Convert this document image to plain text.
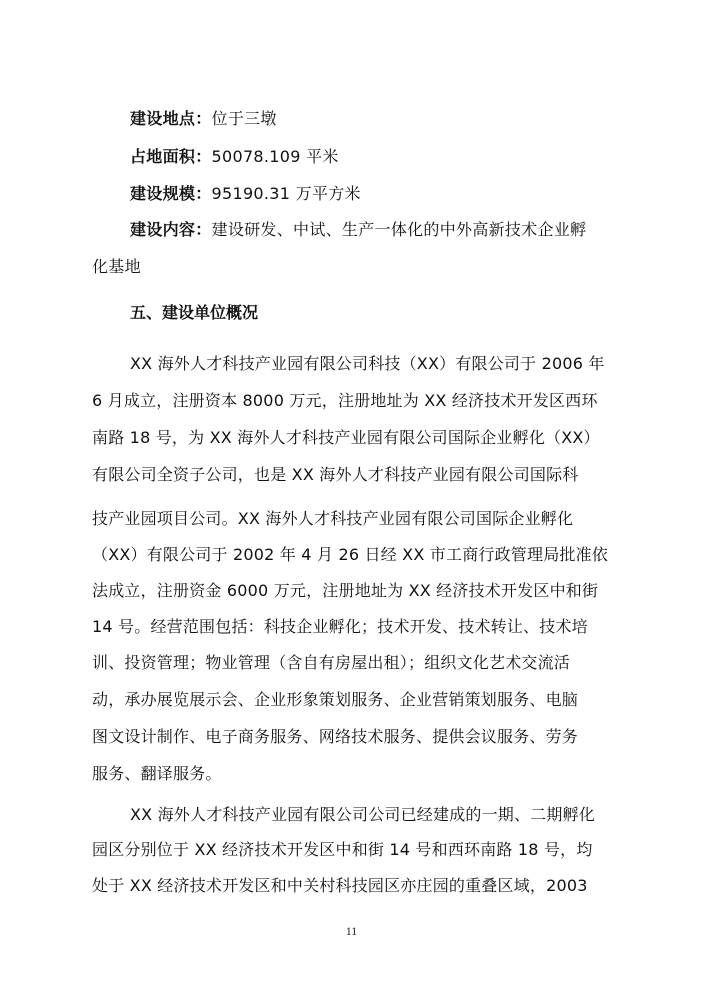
建设地点：位于三墩
占地面积：50078.109 平米
建设规模：95190.31 万平方米
建设内容：建设研发、中试、生产一体化的中外高新技术企业孵
化基地
五、建设单位概况
XX 海外人才科技产业园有限公司科技（XX）有限公司于 2006 年
6 月成立，注册资本 8000 万元，注册地址为 XX 经济技术开发区西环
南路 18 号，为 XX 海外人才科技产业园有限公司国际企业孵化（XX）
有限公司全资子公司，也是 XX 海外人才科技产业园有限公司国际科
技产业园项目公司。XX 海外人才科技产业园有限公司国际企业孵化
（XX）有限公司于 2002 年 4 月 26 日经 XX 市工商行政管理局批准依
法成立，注册资金 6000 万元，注册地址为 XX 经济技术开发区中和街
14 号。经营范围包括：科技企业孵化；技术开发、技术转让、技术培
训、投资管理；物业管理（含自有房屋出租）；组织文化艺术交流活
动，承办展览展示会、企业形象策划服务、企业营销策划服务、电脑
图文设计制作、电子商务服务、网络技术服务、提供会议服务、劳务
服务、翻译服务。
XX 海外人才科技产业园有限公司公司已经建成的一期、二期孵化
园区分别位于 XX 经济技术开发区中和街 14 号和西环南路 18 号，均
处于 XX 经济技术开发区和中关村科技园区亦庄园的重叠区域，2003
11
